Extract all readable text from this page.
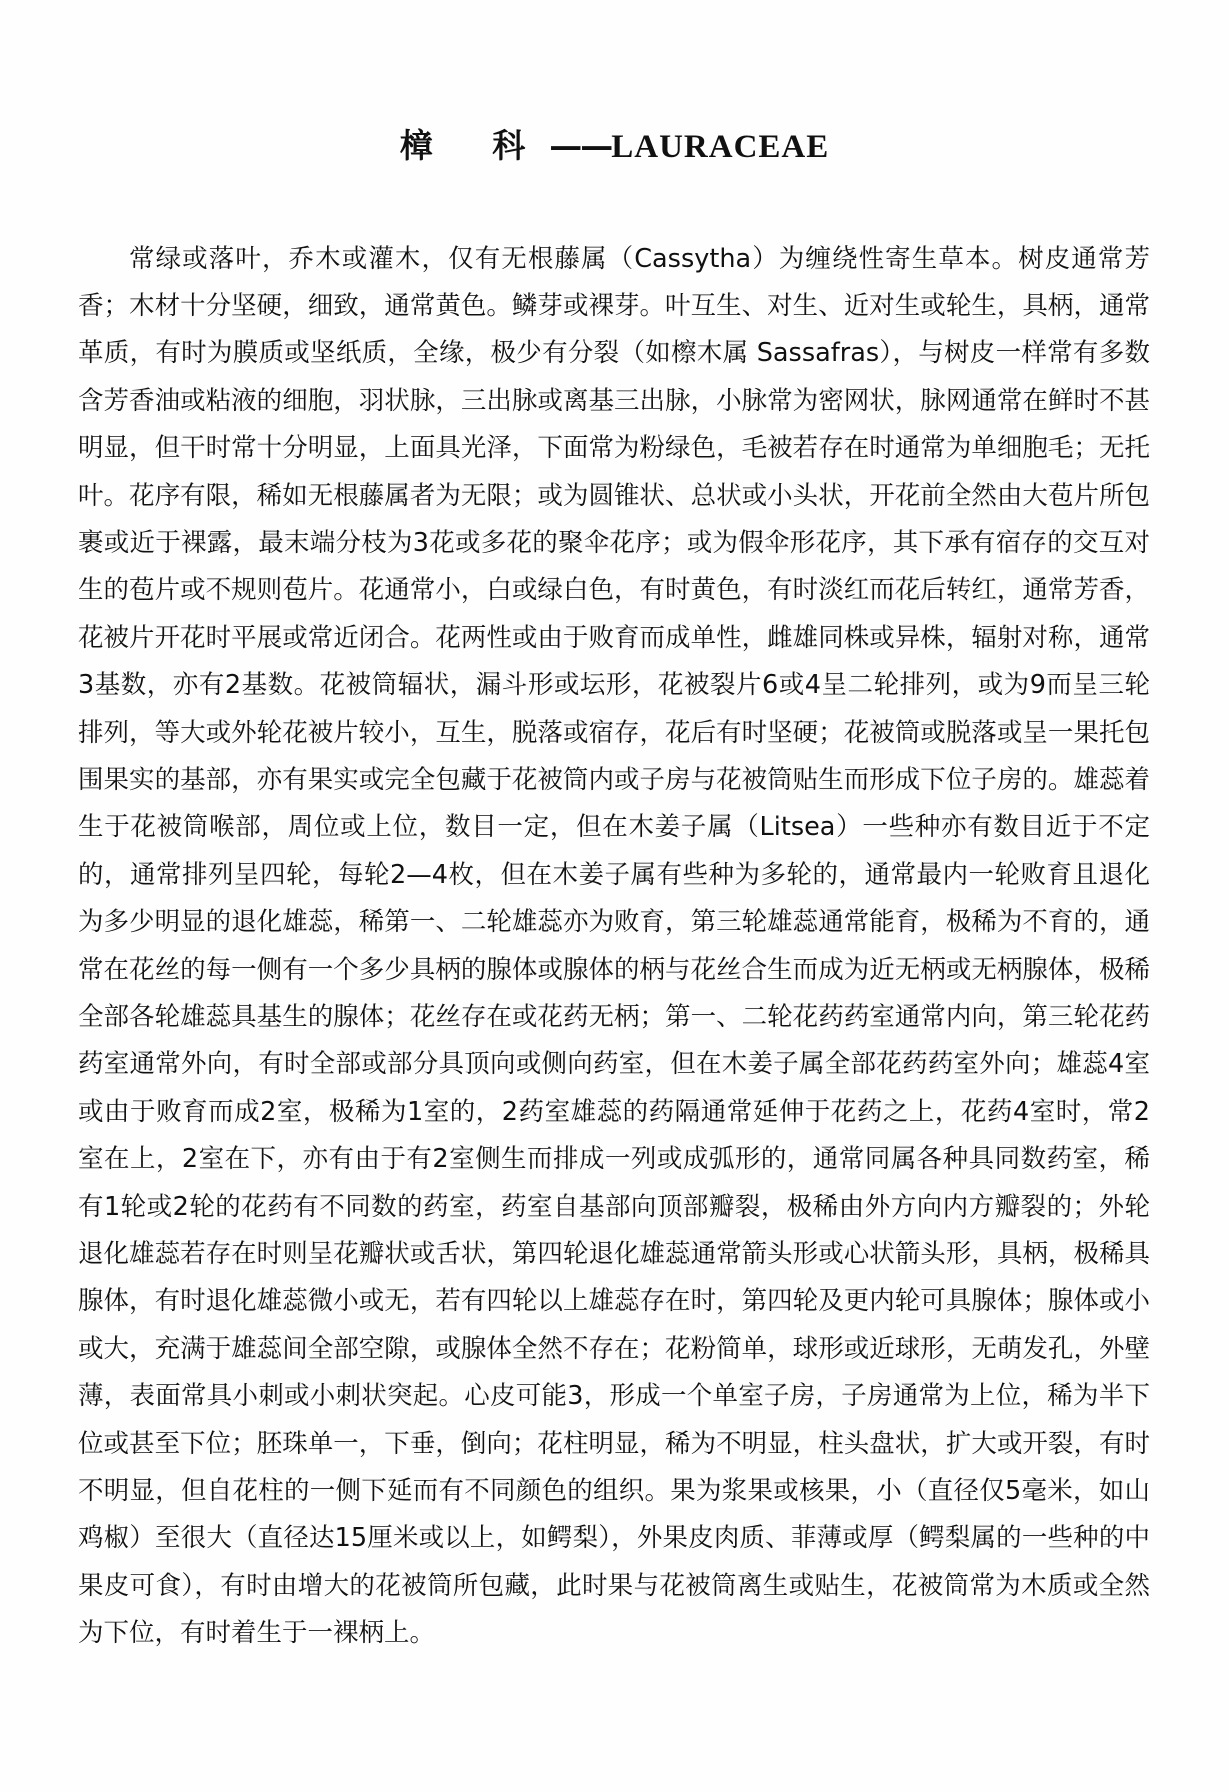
樟 科——LAURACEAE

常绿或落叶，乔木或灌木，仅有无根藤属（Cassytha）为缠绕性寄生草本。树皮通常芳香；木材十分坚硬，细致，通常黄色。鳞芽或裸芽。叶互生、对生、近对生或轮生，具柄，通常革质，有时为膜质或坚纸质，全缘，极少有分裂（如檫木属 Sassafras），与树皮一样常有多数含芳香油或粘液的细胞，羽状脉，三出脉或离基三出脉，小脉常为密网状，脉网通常在鲜时不甚明显，但干时常十分明显，上面具光泽，下面常为粉绿色，毛被若存在时通常为单细胞毛；无托叶。花序有限，稀如无根藤属者为无限；或为圆锥状、总状或小头状，开花前全然由大苞片所包裹或近于裸露，最末端分枝为3花或多花的聚伞花序；或为假伞形花序，其下承有宿存的交互对生的苞片或不规则苞片。花通常小，白或绿白色，有时黄色，有时淡红而花后转红，通常芳香，花被片开花时平展或常近闭合。花两性或由于败育而成单性，雌雄同株或异株，辐射对称，通常3基数，亦有2基数。花被筒辐状，漏斗形或坛形，花被裂片6或4呈二轮排列，或为9而呈三轮排列，等大或外轮花被片较小，互生，脱落或宿存，花后有时坚硬；花被筒或脱落或呈一果托包围果实的基部，亦有果实或完全包藏于花被筒内或子房与花被筒贴生而形成下位子房的。雄蕊着生于花被筒喉部，周位或上位，数目一定，但在木姜子属（Litsea）一些种亦有数目近于不定的，通常排列呈四轮，每轮2—4枚，但在木姜子属有些种为多轮的，通常最内一轮败育且退化为多少明显的退化雄蕊，稀第一、二轮雄蕊亦为败育，第三轮雄蕊通常能育，极稀为不育的，通常在花丝的每一侧有一个多少具柄的腺体或腺体的柄与花丝合生而成为近无柄或无柄腺体，极稀全部各轮雄蕊具基生的腺体；花丝存在或花药无柄；第一、二轮花药药室通常内向，第三轮花药药室通常外向，有时全部或部分具顶向或侧向药室，但在木姜子属全部花药药室外向；雄蕊4室或由于败育而成2室，极稀为1室的，2药室雄蕊的药隔通常延伸于花药之上，花药4室时，常2室在上，2室在下，亦有由于有2室侧生而排成一列或成弧形的，通常同属各种具同数药室，稀有1轮或2轮的花药有不同数的药室，药室自基部向顶部瓣裂，极稀由外方向内方瓣裂的；外轮退化雄蕊若存在时则呈花瓣状或舌状，第四轮退化雄蕊通常箭头形或心状箭头形，具柄，极稀具腺体，有时退化雄蕊微小或无，若有四轮以上雄蕊存在时，第四轮及更内轮可具腺体；腺体或小或大，充满于雄蕊间全部空隙，或腺体全然不存在；花粉简单，球形或近球形，无萌发孔，外壁薄，表面常具小刺或小刺状突起。心皮可能3，形成一个单室子房，子房通常为上位，稀为半下位或甚至下位；胚珠单一，下垂，倒向；花柱明显，稀为不明显，柱头盘状，扩大或开裂，有时不明显，但自花柱的一侧下延而有不同颜色的组织。果为浆果或核果，小（直径仅5毫米，如山鸡椒）至很大（直径达15厘米或以上，如鳄梨），外果皮肉质、菲薄或厚（鳄梨属的一些种的中果皮可食），有时由增大的花被筒所包藏，此时果与花被筒离生或贴生，花被筒常为木质或全然为下位，有时着生于一裸柄上。
